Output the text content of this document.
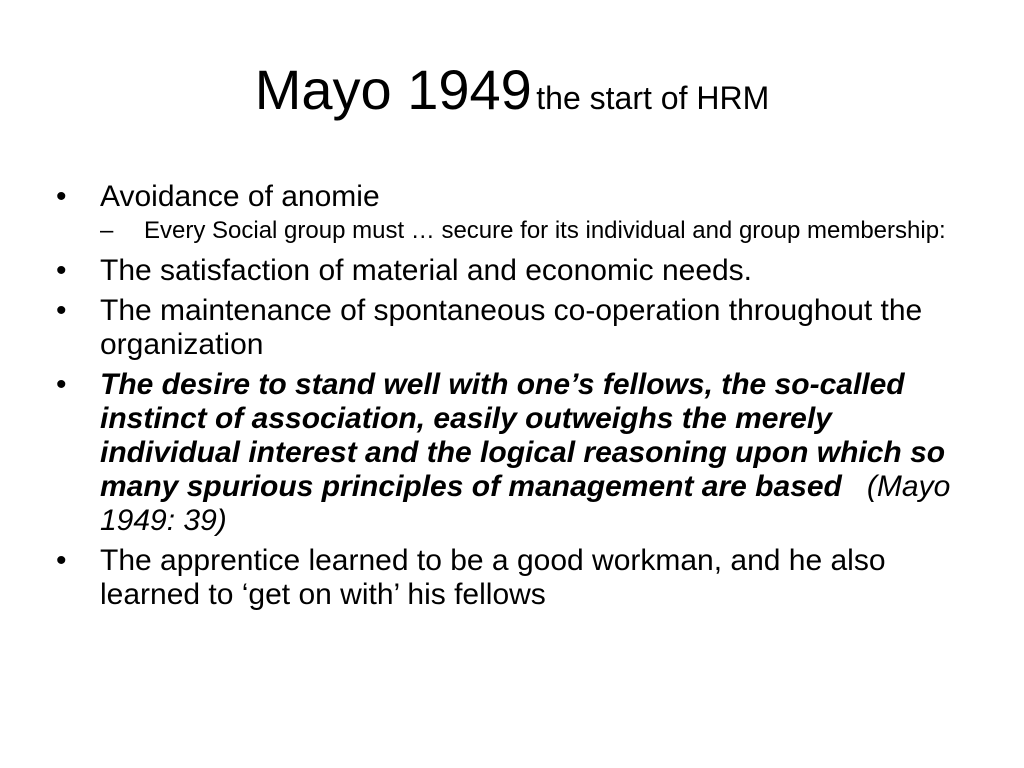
Mayo 1949 the start of HRM
• Avoidance of anomie
– Every Social group must … secure for its individual and group membership:
• The satisfaction of material and economic needs.
• The maintenance of spontaneous co-operation throughout the organization
• The desire to stand well with one’s fellows, the so-called instinct of association, easily outweighs the merely individual interest and the logical reasoning upon which so many spurious principles of management are based (Mayo 1949: 39)
• The apprentice learned to be a good workman, and he also learned to ‘get on with’ his fellows
